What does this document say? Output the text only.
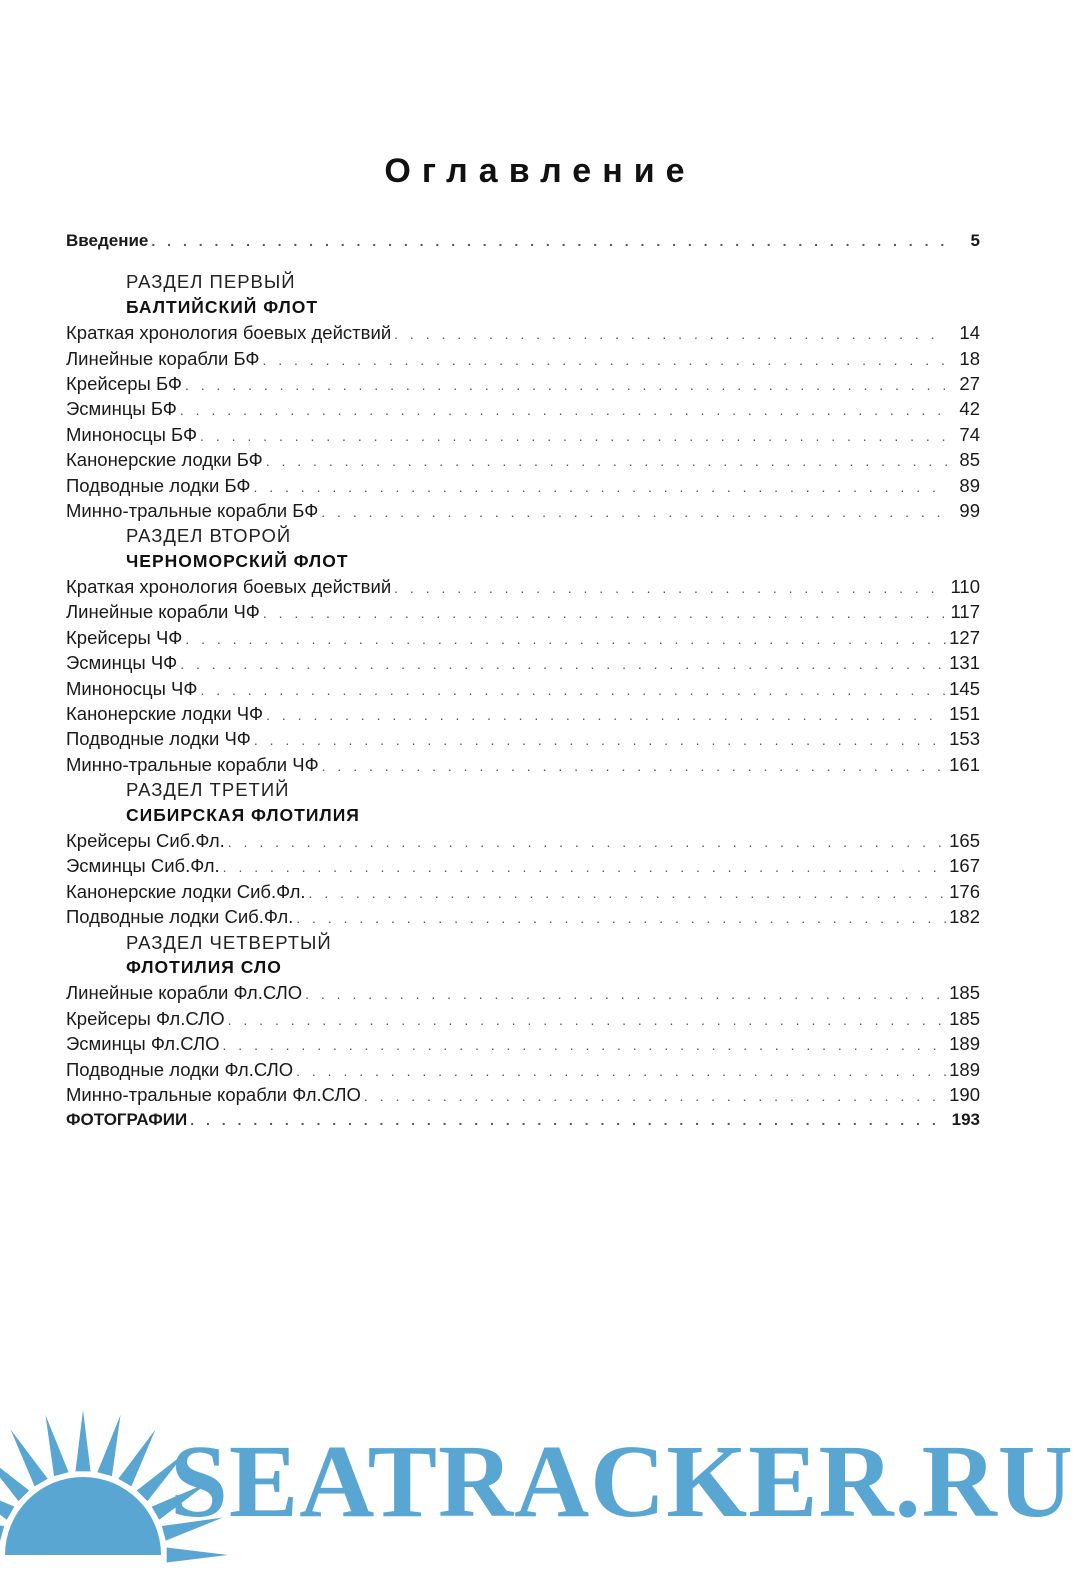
Оглавление
Введение . . .	5
РАЗДЕЛ ПЕРВЫЙ
БАЛТИЙСКИЙ ФЛОТ
Краткая хронология боевых действий . . .	14
Линейные корабли БФ . . .	18
Крейсеры БФ . . .	27
Эсминцы БФ . . .	42
Миноносцы БФ . . .	74
Канонерские лодки БФ . . .	85
Подводные лодки БФ . . .	89
Минно-тральные корабли БФ . . .	99
РАЗДЕЛ ВТОРОЙ
ЧЕРНОМОРСКИЙ ФЛОТ
Краткая хронология боевых действий . . .	110
Линейные корабли ЧФ . . .	117
Крейсеры ЧФ . . .	127
Эсминцы ЧФ . . .	131
Миноносцы ЧФ . . .	145
Канонерские лодки ЧФ . . .	151
Подводные лодки ЧФ . . .	153
Минно-тральные корабли ЧФ . . .	161
РАЗДЕЛ ТРЕТИЙ
СИБИРСКАЯ ФЛОТИЛИЯ
Крейсеры Сиб.Фл. . . .	165
Эсминцы Сиб.Фл. . . .	167
Канонерские лодки Сиб.Фл. . . .	176
Подводные лодки Сиб.Фл. . . .	182
РАЗДЕЛ ЧЕТВЕРТЫЙ
ФЛОТИЛИЯ СЛО
Линейные корабли Фл.СЛО . . .	185
Крейсеры Фл.СЛО . . .	185
Эсминцы Фл.СЛО . . .	189
Подводные лодки Фл.СЛО . . .	189
Минно-тральные корабли Фл.СЛО . . .	190
ФОТОГРАФИИ . . .	193
SEATRACKER.RU
